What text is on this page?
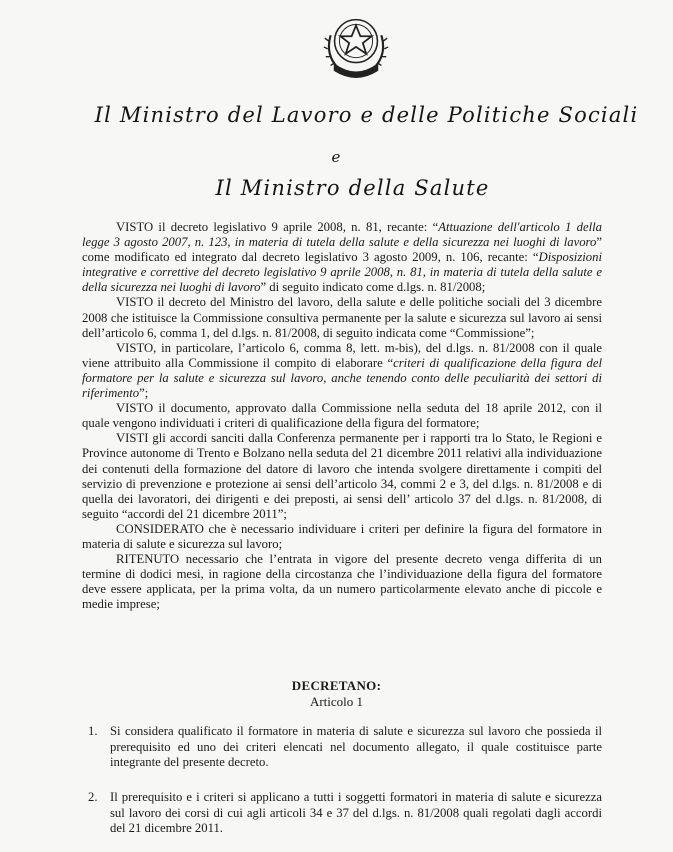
Il Ministro del Lavoro e delle Politiche Sociali
e
Il Ministro della Salute

VISTO il decreto legislativo 9 aprile 2008, n. 81, recante: “Attuazione dell'articolo 1 della legge 3 agosto 2007, n. 123, in materia di tutela della salute e della sicurezza nei luoghi di lavoro” come modificato ed integrato dal decreto legislativo 3 agosto 2009, n. 106, recante: “Disposizioni integrative e correttive del decreto legislativo 9 aprile 2008, n. 81, in materia di tutela della salute e della sicurezza nei luoghi di lavoro” di seguito indicato come d.lgs. n. 81/2008;

VISTO il decreto del Ministro del lavoro, della salute e delle politiche sociali del 3 dicembre 2008 che istituisce la Commissione consultiva permanente per la salute e sicurezza sul lavoro ai sensi dell’articolo 6, comma 1, del d.lgs. n. 81/2008, di seguito indicata come “Commissione”;

VISTO, in particolare, l’articolo 6, comma 8, lett. m-bis), del d.lgs. n. 81/2008 con il quale viene attribuito alla Commissione il compito di elaborare “criteri di qualificazione della figura del formatore per la salute e sicurezza sul lavoro, anche tenendo conto delle peculiarità dei settori di riferimento”;

VISTO il documento, approvato dalla Commissione nella seduta del 18 aprile 2012, con il quale vengono individuati i criteri di qualificazione della figura del formatore;

VISTI gli accordi sanciti dalla Conferenza permanente per i rapporti tra lo Stato, le Regioni e Province autonome di Trento e Bolzano nella seduta del 21 dicembre 2011 relativi alla individuazione dei contenuti della formazione del datore di lavoro che intenda svolgere direttamente i compiti del servizio di prevenzione e protezione ai sensi dell’articolo 34, commi 2 e 3, del d.lgs. n. 81/2008 e di quella dei lavoratori, dei dirigenti e dei preposti, ai sensi dell’ articolo 37 del d.lgs. n. 81/2008, di seguito “accordi del 21 dicembre 2011”;

CONSIDERATO che è necessario individuare i criteri per definire la figura del formatore in materia di salute e sicurezza sul lavoro;

RITENUTO necessario che l’entrata in vigore del presente decreto venga differita di un termine di dodici mesi, in ragione della circostanza che l’individuazione della figura del formatore deve essere applicata, per la prima volta, da un numero particolarmente elevato anche di piccole e medie imprese;

DECRETANO:
Articolo 1
1. Si considera qualificato il formatore in materia di salute e sicurezza sul lavoro che possieda il prerequisito ed uno dei criteri elencati nel documento allegato, il quale costituisce parte integrante del presente decreto.
2. Il prerequisito e i criteri si applicano a tutti i soggetti formatori in materia di salute e sicurezza sul lavoro dei corsi di cui agli articoli 34 e 37 del d.lgs. n. 81/2008 quali regolati dagli accordi del 21 dicembre 2011.
